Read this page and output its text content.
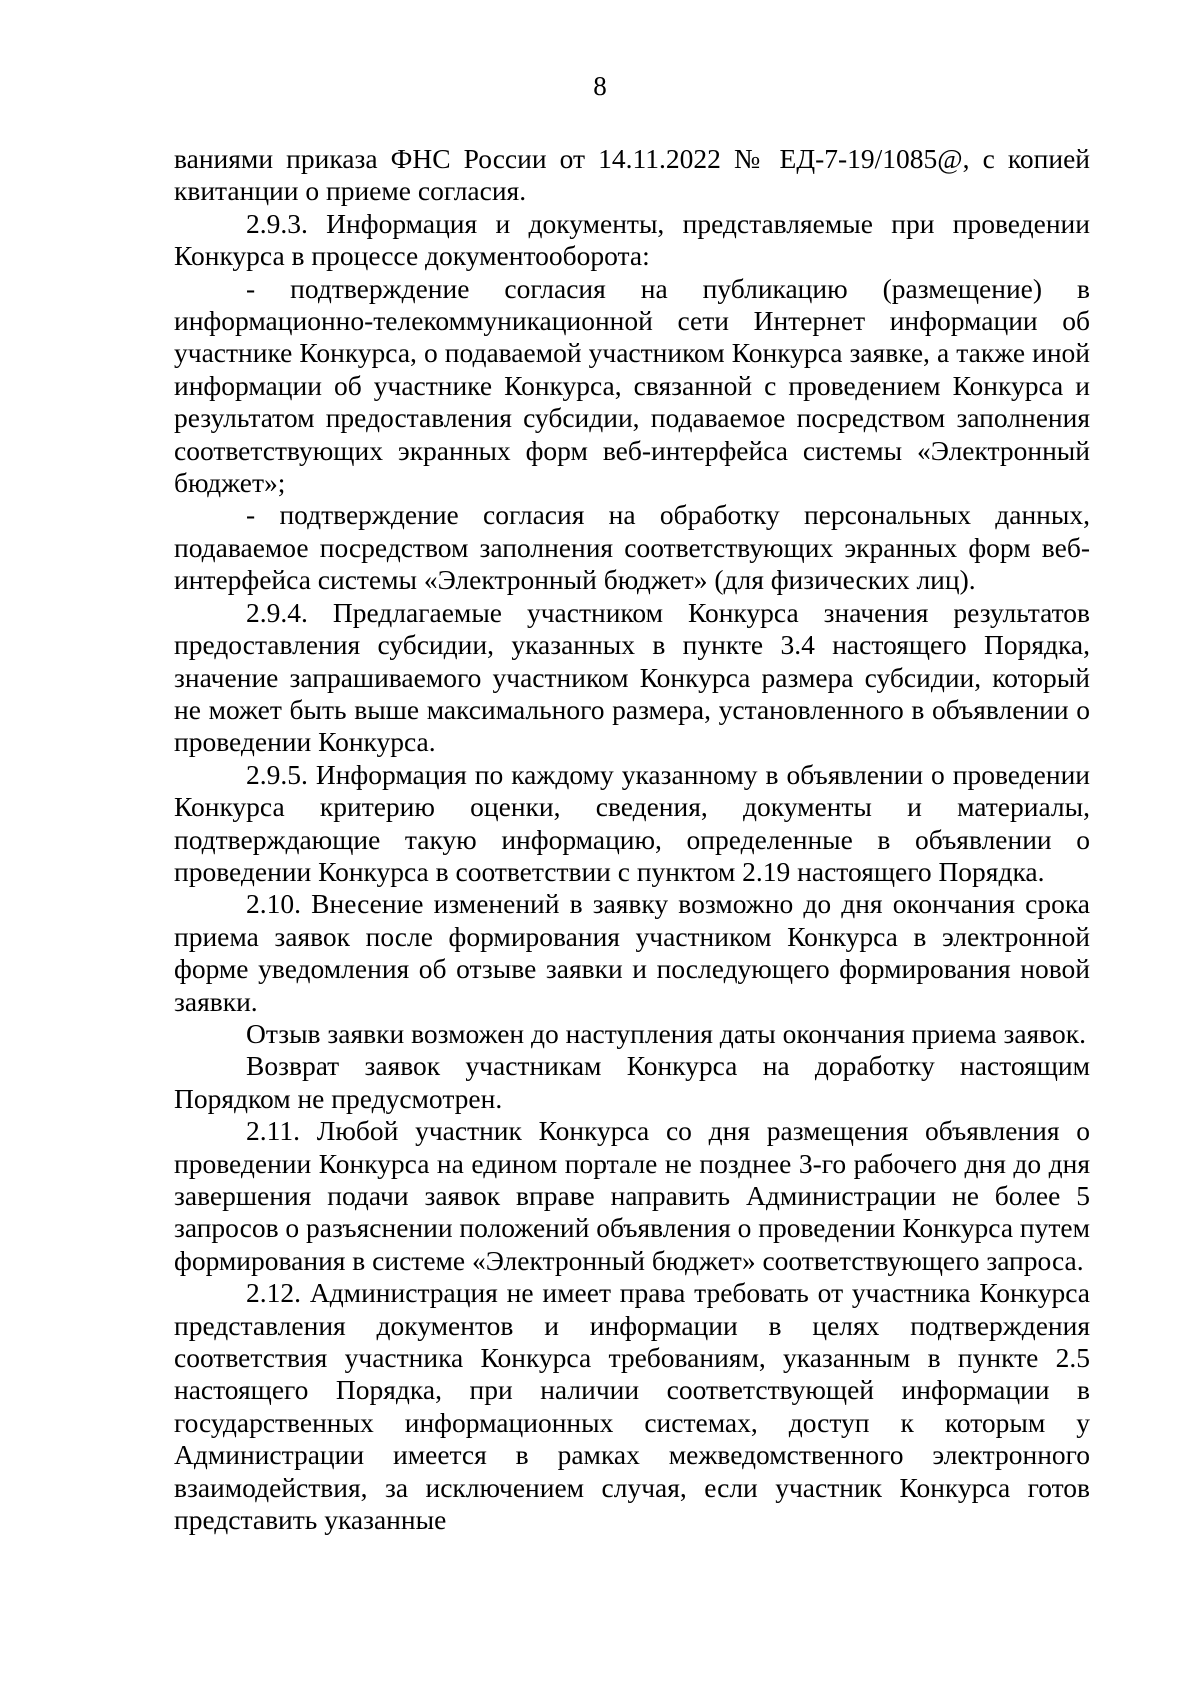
8

ваниями приказа ФНС России от 14.11.2022 № ЕД-7-19/1085@, с копией квитанции о приеме согласия.

2.9.3. Информация и документы, представляемые при проведении Конкурса в процессе документооборота:

- подтверждение согласия на публикацию (размещение) в информационно-телекоммуникационной сети Интернет информации об участнике Конкурса, о подаваемой участником Конкурса заявке, а также иной информации об участнике Конкурса, связанной с проведением Конкурса и результатом предоставления субсидии, подаваемое посредством заполнения соответствующих экранных форм веб-интерфейса системы «Электронный бюджет»;

- подтверждение согласия на обработку персональных данных, подаваемое посредством заполнения соответствующих экранных форм веб-интерфейса системы «Электронный бюджет» (для физических лиц).

2.9.4. Предлагаемые участником Конкурса значения результатов предоставления субсидии, указанных в пункте 3.4 настоящего Порядка, значение запрашиваемого участником Конкурса размера субсидии, который не может быть выше максимального размера, установленного в объявлении о проведении Конкурса.

2.9.5. Информация по каждому указанному в объявлении о проведении Конкурса критерию оценки, сведения, документы и материалы, подтверждающие такую информацию, определенные в объявлении о проведении Конкурса в соответствии с пунктом 2.19 настоящего Порядка.

2.10. Внесение изменений в заявку возможно до дня окончания срока приема заявок после формирования участником Конкурса в электронной форме уведомления об отзыве заявки и последующего формирования новой заявки.

Отзыв заявки возможен до наступления даты окончания приема заявок.

Возврат заявок участникам Конкурса на доработку настоящим Порядком не предусмотрен.

2.11. Любой участник Конкурса со дня размещения объявления о проведении Конкурса на едином портале не позднее 3-го рабочего дня до дня завершения подачи заявок вправе направить Администрации не более 5 запросов о разъяснении положений объявления о проведении Конкурса путем формирования в системе «Электронный бюджет» соответствующего запроса.

2.12. Администрация не имеет права требовать от участника Конкурса представления документов и информации в целях подтверждения соответствия участника Конкурса требованиям, указанным в пункте 2.5 настоящего Порядка, при наличии соответствующей информации в государственных информационных системах, доступ к которым у Администрации имеется в рамках межведомственного электронного взаимодействия, за исключением случая, если участник Конкурса готов представить указанные
